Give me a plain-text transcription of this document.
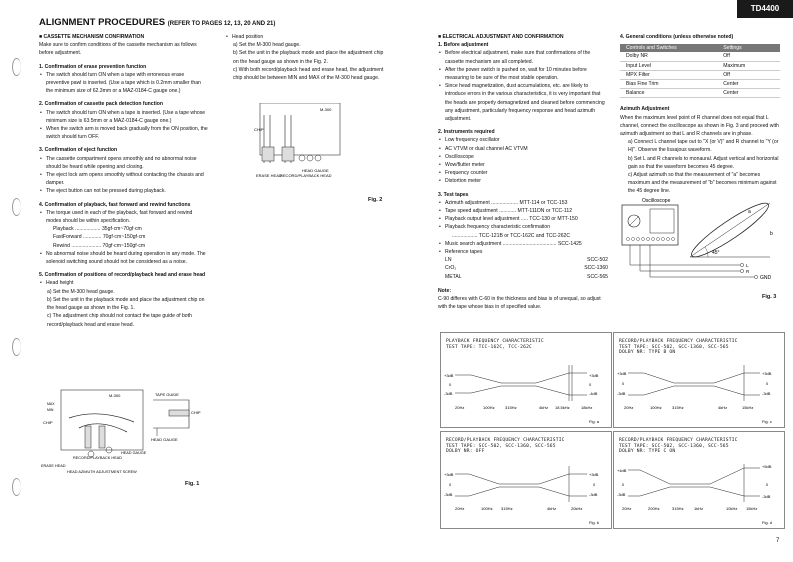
TD4400
ALIGNMENT PROCEDURES (REFER TO PAGES 12, 13, 20 AND 21)

■ CASSETTE MECHANISM CONFIRMATION

Make sure to confirm conditions of the cassette mechanism as follows before adjustment.

1. Confirmation of erase prevention function

• The switch should turn ON when a tape with erroneous erase preventive pawl is inserted. (Use a tape which is 0.2mm smaller than the minimum size of 62.3mm or a MAZ-0184-C gauge one.)

2. Confirmation of cassette pack detection function

• The switch should turn ON when a tape is inserted. (Use a tape whose minimum size is 63.5mm or a MAZ-0184-C gauge one.)
• When the switch arm is moved back gradually from the ON position, the switch should turn OFF.

3. Confirmation of eject function

• The cassette compartment opens smoothly and no abnormal noise should be heard while opening and closing.
• The eject lock arm opens smoothly without contacting the chassis and damper.
• The eject button can not be pressed during playback.

4. Confirmation of playback, fast forward and rewind functions

• The torque used in each of the playback, fast forward and rewind modes should be within specification.

Playback .................. 35gf·cm~70gf·cm

FastForward ............. 70gf·cm~150gf·cm

Rewind ..................... 70gf·cm~150gf·cm

• No abnormal noise should be heard during operation in any mode. The solenoid switching sound should not be considered as a noise.

5. Confirmation of positions of record/playback head and erase head

• Head height

a) Set the M-300 head gauge.

b) Set the unit in the playback mode and place the adjustment chip on the head gauge as shown in the Fig. 1.

c) The adjustment chip should not contact the tape guide of both record/playback head and erase head.

M-300
MAX
MIN
CHIP
HEAD GAUGE
RECORD/PLAYBACK HEAD
ERASE HEAD
HEAD AZIMUTH ADJUSTMENT SCREW
TAPE GUIDE
CHIP
HEAD GAUGE
Fig. 1
• Head position

a) Set the M-300 head gauge.

b) Set the unit in the playback mode and place the adjustment chip on the head gauge as shown in the Fig. 2.

c) With both record/playback head and erase head, the adjustment chip should be between MIN and MAX of the M-300 head gauge.

M-300
CHIP
HEAD GAUGE
ERASE HEAD
RECORD/PLAYBACK HEAD
Fig. 2

■ ELECTRICAL ADJUSTMENT AND CONFIRMATION

1. Before adjustment

• Before electrical adjustment, make sure that confirmations of the cassette mechanism are all completed.
• After the power switch is pushed on, wait for 10 minutes before measuring to be sure of the most stable operation.
• Since head magnetization, dust accumulations, etc. are likely to introduce errors in the various characteristics, it is very important that the heads are properly demagnetized and cleaned before commencing any adjustment, particularly frequency response and head azimuth adjustment.

2. Instruments required

• Low frequency oscillator
• AC VTVM or dual channel AC VTVM
• Oscilloscope
• Wow/flutter meter
• Frequency counter
• Distortion meter

3. Test tapes

• Azimuth adjustment ................... MTT-114 or TCC-153
• Tape speed adjustment ............ MTT-111DN or TCC-112
• Playback output level adjustment ..... TCC-130 or MTT-150
• Playback frequency characteristic confirmation

.................. TCC-121B or TCC-162C and TCC-262C

• Music search adjustment ...................................... SCC-1425
• Reference tapes

LN	SCC-502

CrO₂	SCC-1360

METAL	SCC-565

Note:

C-90 differes with C-60 in the thickness and bias is of unequal, so adjust with the tape whose bias in of specified value.

4. General conditions (unless otherwise noted)

Controls and Switches	Settings
Dolby NR	Off
Input Level	Maximum
MPX Filter	Off
Bias Fine Trim	Center
Balance	Center

Azimuth Adjustment

When the maximum level point of R channel does not equal that L channel, connect the oscilloscope as shown in Fig. 3 and proceed with azimuth adjustment so that L and R channels are in phase.

a) Connect L channel tape out to "X (or V)" and R channel to "Y (or H)". Observe the lissajous waveform.

b) Set L and R channels to monaural. Adjust vertical and horizontal gain so that the waveform becomes 45 degree.

c) Adjust azimuth so that the measurement of "a" becomes maximum and the measurement of "b" becomes minimum against the 45 degree line.

Oscilloscope
45°
a
b
L
R
GND
Fig. 3
PLAYBACK FREQUENCY CHARACTERISTIC
TEST TAPE: TCC-162C, TCC-262C
+3dB
0
-3dB
+3dB
0
-4dB
20Hz	100Hz	315Hz	4kHz 18.5kHz	18kHz
Fig. a
RECORD/PLAYBACK FREQUENCY CHARACTERISTIC
TEST TAPE: SCC-502, SCC-1360, SCC-565
DOLBY NR: TYPE B ON
+3dB
0
-3dB
+3dB
0
-3dB
20Hz	100Hz	315Hz	4kHz	15kHz
Fig. c
RECORD/PLAYBACK FREQUENCY CHARACTERISTIC
TEST TAPE: SCC-502, SCC-1360, SCC-565
DOLBY NR: OFF
+3dB
0
-3dB
+3dB
0
-3dB
20Hz	100Hz 315Hz	4kHz	20kHz
Fig. b
RECORD/PLAYBACK FREQUENCY CHARACTERISTIC
TEST TAPE: SCC-502, SCC-1360, SCC-565
DOLBY NR: TYPE C ON
+4dB
0
-3dB
+5dB
0
-3dB
20Hz	200Hz	315Hz	1kHz	10kHz 15kHz
Fig. d
7
